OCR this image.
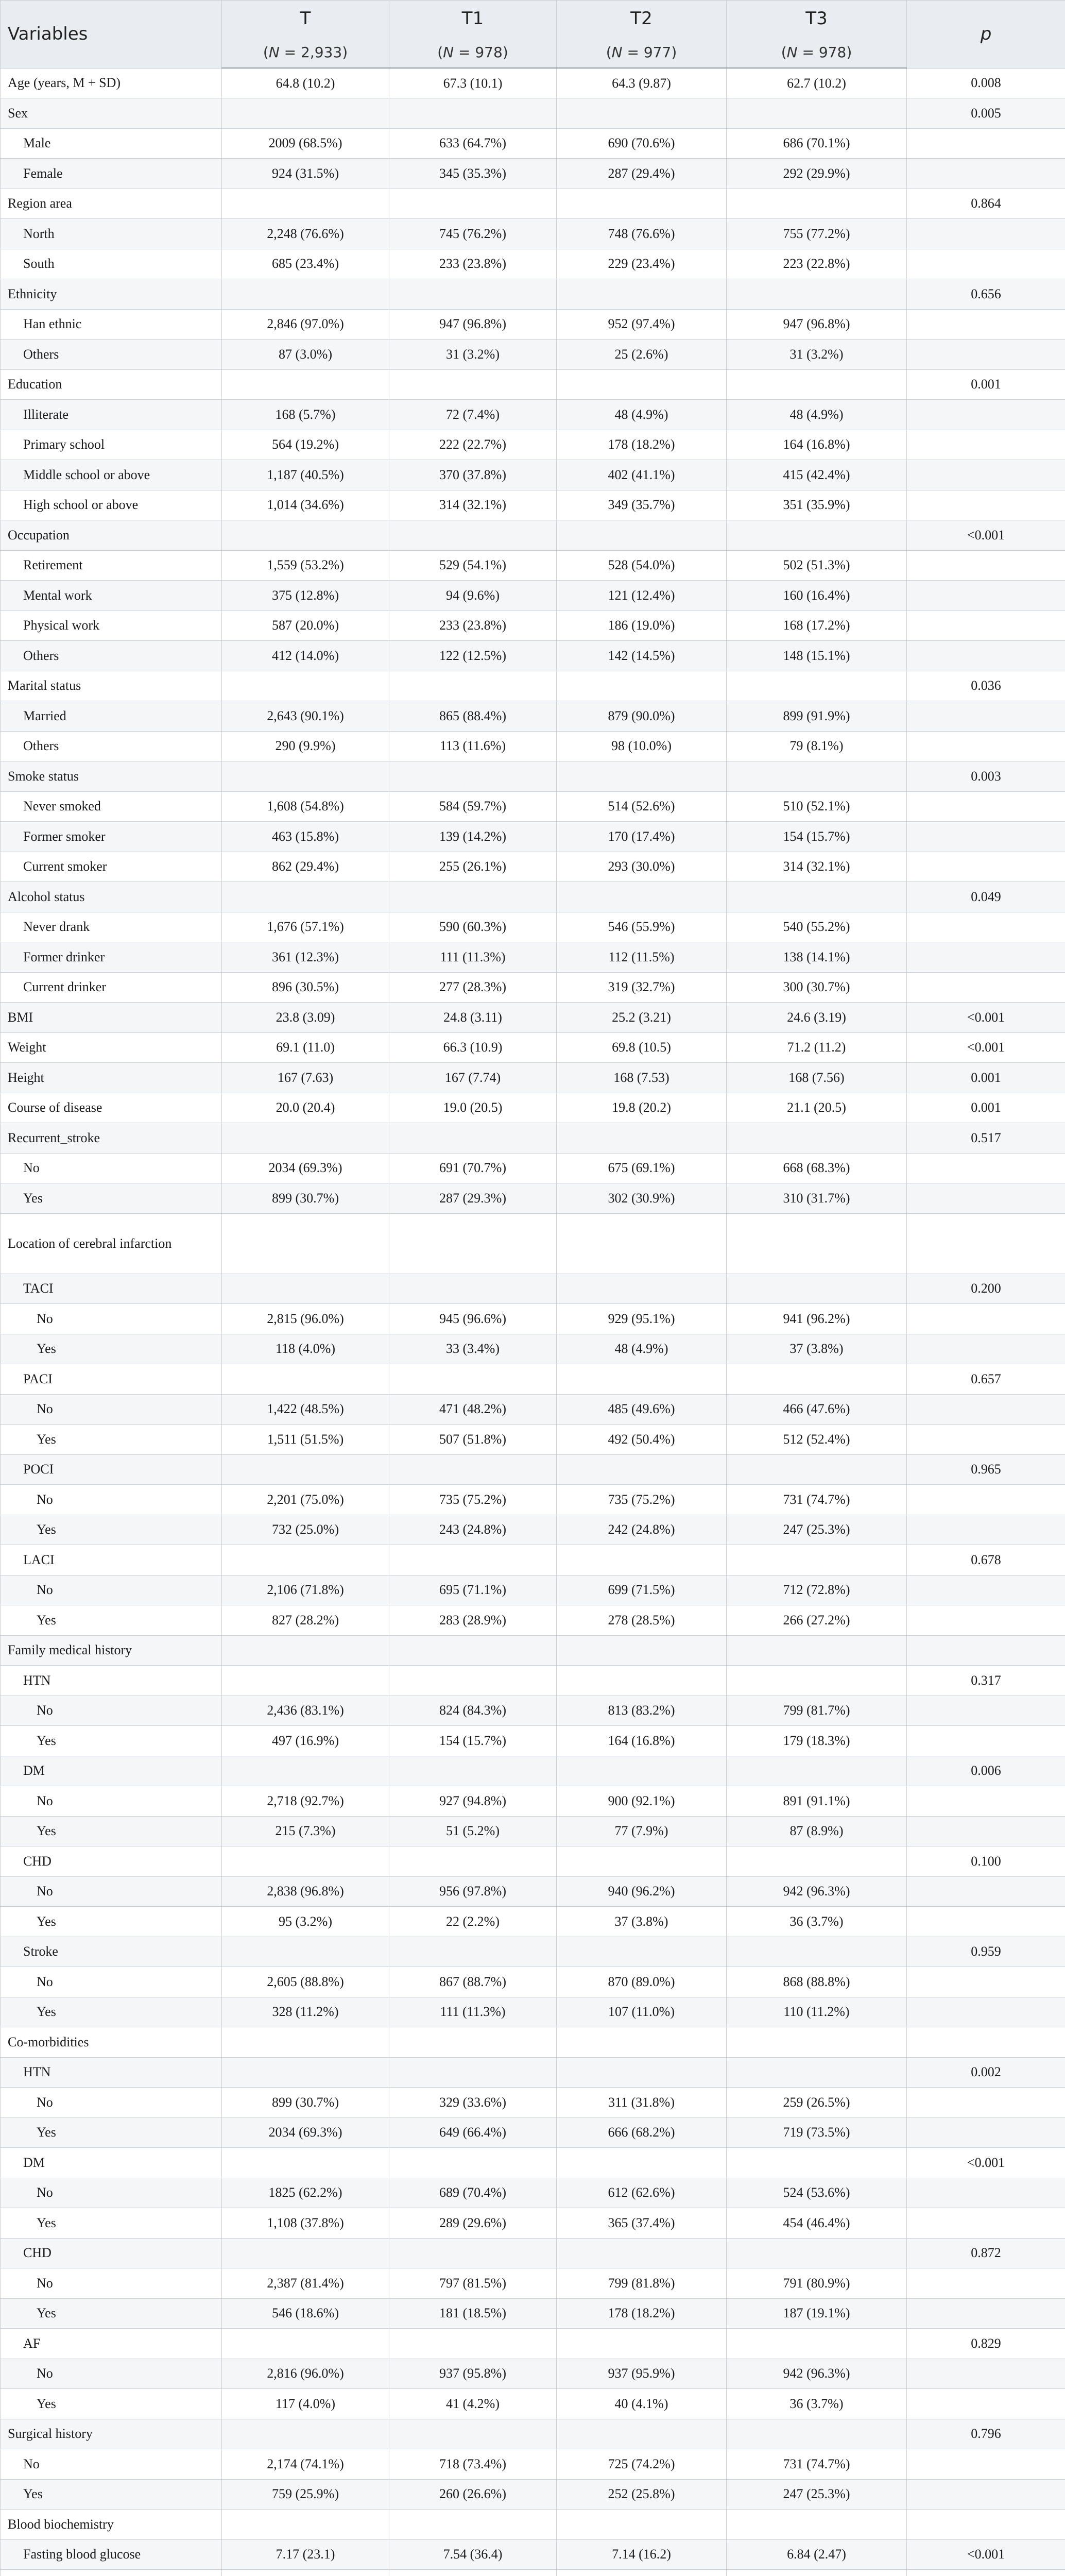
Variables	T	T1	T2	T3	p
	(N = 2,933)	(N = 978)	(N = 977)	(N = 978)	
Age (years, M + SD)	64.8 (10.2)	67.3 (10.1)	64.3 (9.87)	62.7 (10.2)	0.008
Sex					0.005
Male	2009 (68.5%)	633 (64.7%)	690 (70.6%)	686 (70.1%)	
Female	924 (31.5%)	345 (35.3%)	287 (29.4%)	292 (29.9%)	
Region area					0.864
North	2,248 (76.6%)	745 (76.2%)	748 (76.6%)	755 (77.2%)	
South	685 (23.4%)	233 (23.8%)	229 (23.4%)	223 (22.8%)	
Ethnicity					0.656
Han ethnic	2,846 (97.0%)	947 (96.8%)	952 (97.4%)	947 (96.8%)	
Others	87 (3.0%)	31 (3.2%)	25 (2.6%)	31 (3.2%)	
Education					0.001
Illiterate	168 (5.7%)	72 (7.4%)	48 (4.9%)	48 (4.9%)	
Primary school	564 (19.2%)	222 (22.7%)	178 (18.2%)	164 (16.8%)	
Middle school or above	1,187 (40.5%)	370 (37.8%)	402 (41.1%)	415 (42.4%)	
High school or above	1,014 (34.6%)	314 (32.1%)	349 (35.7%)	351 (35.9%)	
Occupation					<0.001
Retirement	1,559 (53.2%)	529 (54.1%)	528 (54.0%)	502 (51.3%)	
Mental work	375 (12.8%)	94 (9.6%)	121 (12.4%)	160 (16.4%)	
Physical work	587 (20.0%)	233 (23.8%)	186 (19.0%)	168 (17.2%)	
Others	412 (14.0%)	122 (12.5%)	142 (14.5%)	148 (15.1%)	
Marital status					0.036
Married	2,643 (90.1%)	865 (88.4%)	879 (90.0%)	899 (91.9%)	
Others	290 (9.9%)	113 (11.6%)	98 (10.0%)	79 (8.1%)	
Smoke status					0.003
Never smoked	1,608 (54.8%)	584 (59.7%)	514 (52.6%)	510 (52.1%)	
Former smoker	463 (15.8%)	139 (14.2%)	170 (17.4%)	154 (15.7%)	
Current smoker	862 (29.4%)	255 (26.1%)	293 (30.0%)	314 (32.1%)	
Alcohol status					0.049
Never drank	1,676 (57.1%)	590 (60.3%)	546 (55.9%)	540 (55.2%)	
Former drinker	361 (12.3%)	111 (11.3%)	112 (11.5%)	138 (14.1%)	
Current drinker	896 (30.5%)	277 (28.3%)	319 (32.7%)	300 (30.7%)	
BMI	23.8 (3.09)	24.8 (3.11)	25.2 (3.21)	24.6 (3.19)	<0.001
Weight	69.1 (11.0)	66.3 (10.9)	69.8 (10.5)	71.2 (11.2)	<0.001
Height	167 (7.63)	167 (7.74)	168 (7.53)	168 (7.56)	0.001
Course of disease	20.0 (20.4)	19.0 (20.5)	19.8 (20.2)	21.1 (20.5)	0.001
Recurrent_stroke					0.517
No	2034 (69.3%)	691 (70.7%)	675 (69.1%)	668 (68.3%)	
Yes	899 (30.7%)	287 (29.3%)	302 (30.9%)	310 (31.7%)	
Location of cerebral infarction					
TACI					0.200
No	2,815 (96.0%)	945 (96.6%)	929 (95.1%)	941 (96.2%)	
Yes	118 (4.0%)	33 (3.4%)	48 (4.9%)	37 (3.8%)	
PACI					0.657
No	1,422 (48.5%)	471 (48.2%)	485 (49.6%)	466 (47.6%)	
Yes	1,511 (51.5%)	507 (51.8%)	492 (50.4%)	512 (52.4%)	
POCI					0.965
No	2,201 (75.0%)	735 (75.2%)	735 (75.2%)	731 (74.7%)	
Yes	732 (25.0%)	243 (24.8%)	242 (24.8%)	247 (25.3%)	
LACI					0.678
No	2,106 (71.8%)	695 (71.1%)	699 (71.5%)	712 (72.8%)	
Yes	827 (28.2%)	283 (28.9%)	278 (28.5%)	266 (27.2%)	
Family medical history					
HTN					0.317
No	2,436 (83.1%)	824 (84.3%)	813 (83.2%)	799 (81.7%)	
Yes	497 (16.9%)	154 (15.7%)	164 (16.8%)	179 (18.3%)	
DM					0.006
No	2,718 (92.7%)	927 (94.8%)	900 (92.1%)	891 (91.1%)	
Yes	215 (7.3%)	51 (5.2%)	77 (7.9%)	87 (8.9%)	
CHD					0.100
No	2,838 (96.8%)	956 (97.8%)	940 (96.2%)	942 (96.3%)	
Yes	95 (3.2%)	22 (2.2%)	37 (3.8%)	36 (3.7%)	
Stroke					0.959
No	2,605 (88.8%)	867 (88.7%)	870 (89.0%)	868 (88.8%)	
Yes	328 (11.2%)	111 (11.3%)	107 (11.0%)	110 (11.2%)	
Co-morbidities					
HTN					0.002
No	899 (30.7%)	329 (33.6%)	311 (31.8%)	259 (26.5%)	
Yes	2034 (69.3%)	649 (66.4%)	666 (68.2%)	719 (73.5%)	
DM					<0.001
No	1825 (62.2%)	689 (70.4%)	612 (62.6%)	524 (53.6%)	
Yes	1,108 (37.8%)	289 (29.6%)	365 (37.4%)	454 (46.4%)	
CHD					0.872
No	2,387 (81.4%)	797 (81.5%)	799 (81.8%)	791 (80.9%)	
Yes	546 (18.6%)	181 (18.5%)	178 (18.2%)	187 (19.1%)	
AF					0.829
No	2,816 (96.0%)	937 (95.8%)	937 (95.9%)	942 (96.3%)	
Yes	117 (4.0%)	41 (4.2%)	40 (4.1%)	36 (3.7%)	
Surgical history					0.796
No	2,174 (74.1%)	718 (73.4%)	725 (74.2%)	731 (74.7%)	
Yes	759 (25.9%)	260 (26.6%)	252 (25.8%)	247 (25.3%)	
Blood biochemistry					
Fasting blood glucose	7.17 (23.1)	7.54 (36.4)	7.14 (16.2)	6.84 (2.47)	<0.001
